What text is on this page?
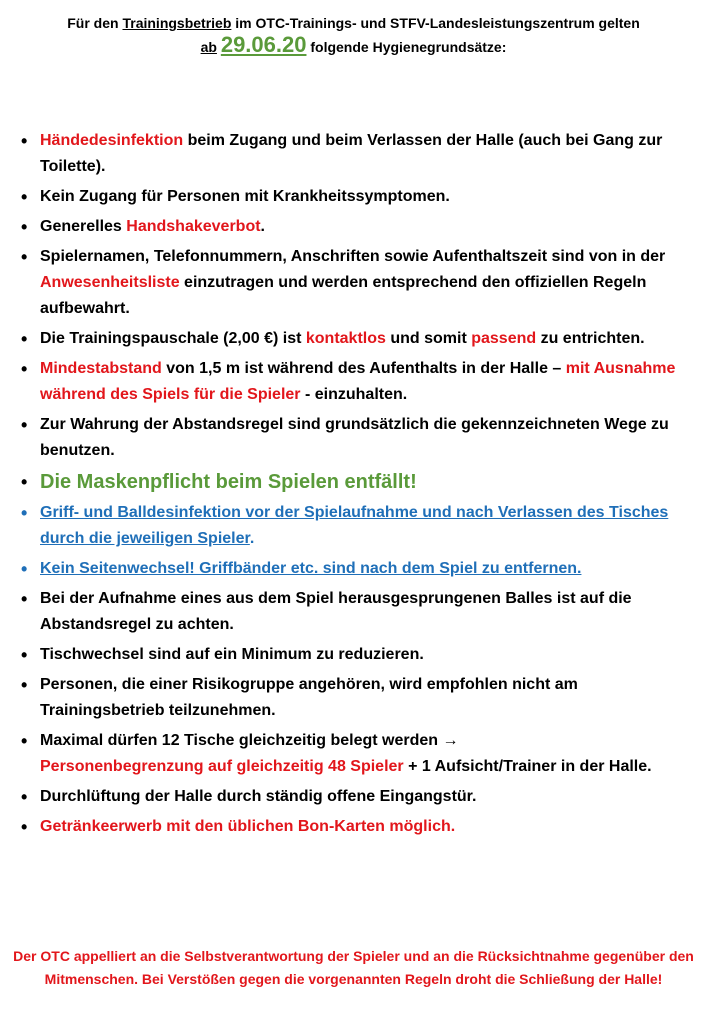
Für den Trainingsbetrieb im OTC-Trainings- und STFV-Landesleistungszentrum gelten
ab 29.06.20 folgende Hygienegrundsätze:
• Händedesinfektion beim Zugang und beim Verlassen der Halle (auch bei Gang zur Toilette).
• Kein Zugang für Personen mit Krankheitssymptomen.
• Generelles Handshakeverbot.
• Spielernamen, Telefonnummern, Anschriften sowie Aufenthaltszeit sind von in der Anwesenheitsliste einzutragen und werden entsprechend den offiziellen Regeln aufbewahrt.
• Die Trainingspauschale (2,00 €) ist kontaktlos und somit passend zu entrichten.
• Mindestabstand von 1,5 m ist während des Aufenthalts in der Halle – mit Ausnahme während des Spiels für die Spieler - einzuhalten.
• Zur Wahrung der Abstandsregel sind grundsätzlich die gekennzeichneten Wege zu benutzen.
• Die Maskenpflicht beim Spielen entfällt!
• Griff- und Balldesinfektion vor der Spielaufnahme und nach Verlassen des Tisches durch die jeweiligen Spieler.
• Kein Seitenwechsel! Griffbänder etc. sind nach dem Spiel zu entfernen.
• Bei der Aufnahme eines aus dem Spiel herausgesprungenen Balles ist auf die Abstandsregel zu achten.
• Tischwechsel sind auf ein Minimum zu reduzieren.
• Personen, die einer Risikogruppe angehören, wird empfohlen nicht am Trainingsbetrieb teilzunehmen.
• Maximal dürfen 12 Tische gleichzeitig belegt werden →
Personenbegrenzung auf gleichzeitig 48 Spieler + 1 Aufsicht/Trainer in der Halle.
• Durchlüftung der Halle durch ständig offene Eingangstür.
• Getränkeerwerb mit den üblichen Bon-Karten möglich.
Der OTC appelliert an die Selbstverantwortung der Spieler und an die Rücksichtnahme gegenüber den Mitmenschen. Bei Verstößen gegen die vorgenannten Regeln droht die Schließung der Halle!
